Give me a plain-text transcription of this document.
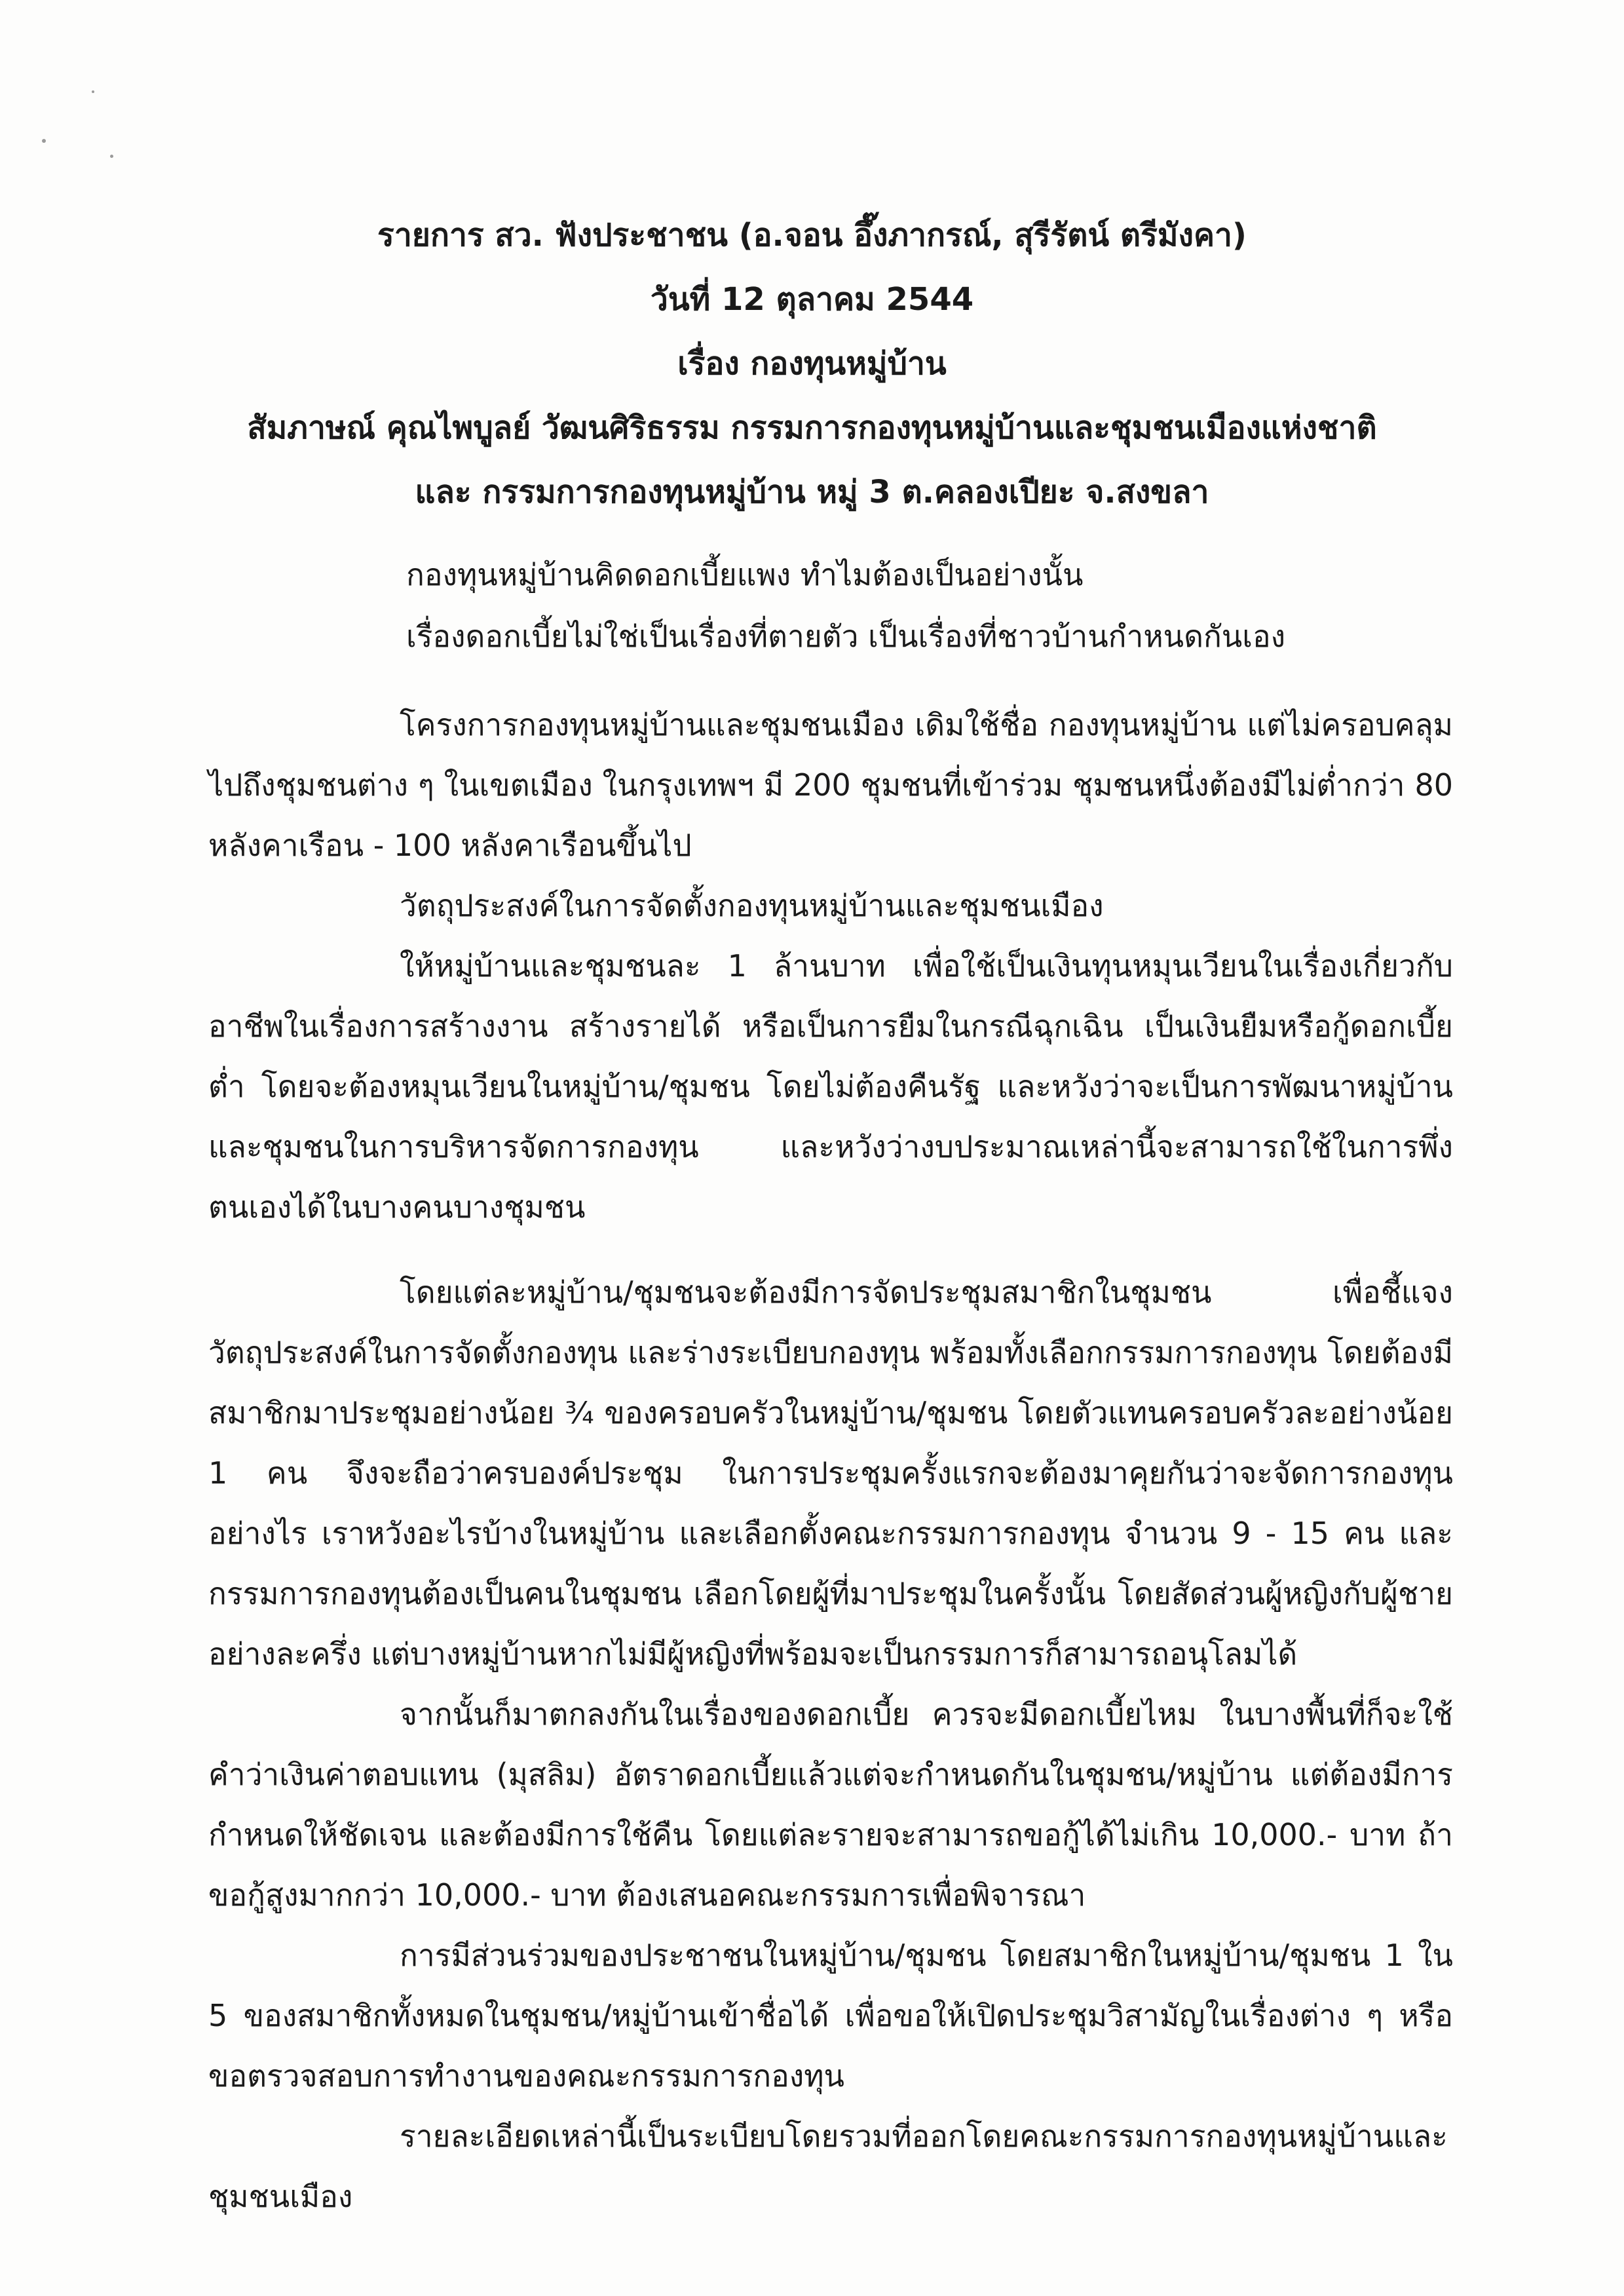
รายการ สว. ฟังประชาชน (อ.จอน อึ๊งภากรณ์, สุรีรัตน์ ตรีมังคา)
วันที่ 12 ตุลาคม 2544
เรื่อง กองทุนหมู่บ้าน
สัมภาษณ์ คุณไพบูลย์ วัฒนศิริธรรม กรรมการกองทุนหมู่บ้านและชุมชนเมืองแห่งชาติ
และ กรรมการกองทุนหมู่บ้าน หมู่ 3 ต.คลองเปียะ จ.สงขลา
กองทุนหมู่บ้านคิดดอกเบี้ยแพง ทำไมต้องเป็นอย่างนั้น
เรื่องดอกเบี้ยไม่ใช่เป็นเรื่องที่ตายตัว เป็นเรื่องที่ชาวบ้านกำหนดกันเอง

โครงการกองทุนหมู่บ้านและชุมชนเมือง เดิมใช้ชื่อ กองทุนหมู่บ้าน แต่ไม่ครอบคลุมไปถึงชุมชนต่าง ๆ ในเขตเมือง ในกรุงเทพฯ มี 200 ชุมชนที่เข้าร่วม ชุมชนหนึ่งต้องมีไม่ต่ำกว่า 80 หลังคาเรือน - 100 หลังคาเรือนขึ้นไป

วัตถุประสงค์ในการจัดตั้งกองทุนหมู่บ้านและชุมชนเมือง

ให้หมู่บ้านและชุมชนละ 1 ล้านบาท เพื่อใช้เป็นเงินทุนหมุนเวียนในเรื่องเกี่ยวกับอาชีพในเรื่องการสร้างงาน สร้างรายได้ หรือเป็นการยืมในกรณีฉุกเฉิน เป็นเงินยืมหรือกู้ดอกเบี้ยต่ำ โดยจะต้องหมุนเวียนในหมู่บ้าน/ชุมชน โดยไม่ต้องคืนรัฐ และหวังว่าจะเป็นการพัฒนาหมู่บ้านและชุมชนในการบริหารจัดการกองทุน และหวังว่างบประมาณเหล่านี้จะสามารถใช้ในการพึ่งตนเองได้ในบางคนบางชุมชน

โดยแต่ละหมู่บ้าน/ชุมชนจะต้องมีการจัดประชุมสมาชิกในชุมชน เพื่อชี้แจงวัตถุประสงค์ในการจัดตั้งกองทุน และร่างระเบียบกองทุน พร้อมทั้งเลือกกรรมการกองทุน โดยต้องมีสมาชิกมาประชุมอย่างน้อย ¾ ของครอบครัวในหมู่บ้าน/ชุมชน โดยตัวแทนครอบครัวละอย่างน้อย 1 คน จึงจะถือว่าครบองค์ประชุม ในการประชุมครั้งแรกจะต้องมาคุยกันว่าจะจัดการกองทุนอย่างไร เราหวังอะไรบ้างในหมู่บ้าน และเลือกตั้งคณะกรรมการกองทุน จำนวน 9 - 15 คน และกรรมการกองทุนต้องเป็นคนในชุมชน เลือกโดยผู้ที่มาประชุมในครั้งนั้น โดยสัดส่วนผู้หญิงกับผู้ชายอย่างละครึ่ง แต่บางหมู่บ้านหากไม่มีผู้หญิงที่พร้อมจะเป็นกรรมการก็สามารถอนุโลมได้

จากนั้นก็มาตกลงกันในเรื่องของดอกเบี้ย ควรจะมีดอกเบี้ยไหม ในบางพื้นที่ก็จะใช้คำว่าเงินค่าตอบแทน (มุสลิม) อัตราดอกเบี้ยแล้วแต่จะกำหนดกันในชุมชน/หมู่บ้าน แต่ต้องมีการกำหนดให้ชัดเจน และต้องมีการใช้คืน โดยแต่ละรายจะสามารถขอกู้ได้ไม่เกิน 10,000.- บาท ถ้าขอกู้สูงมากกว่า 10,000.- บาท ต้องเสนอคณะกรรมการเพื่อพิจารณา

การมีส่วนร่วมของประชาชนในหมู่บ้าน/ชุมชน โดยสมาชิกในหมู่บ้าน/ชุมชน 1 ใน 5 ของสมาชิกทั้งหมดในชุมชน/หมู่บ้านเข้าชื่อได้ เพื่อขอให้เปิดประชุมวิสามัญในเรื่องต่าง ๆ หรือขอตรวจสอบการทำงานของคณะกรรมการกองทุน

รายละเอียดเหล่านี้เป็นระเบียบโดยรวมที่ออกโดยคณะกรรมการกองทุนหมู่บ้านและชุมชนเมือง
